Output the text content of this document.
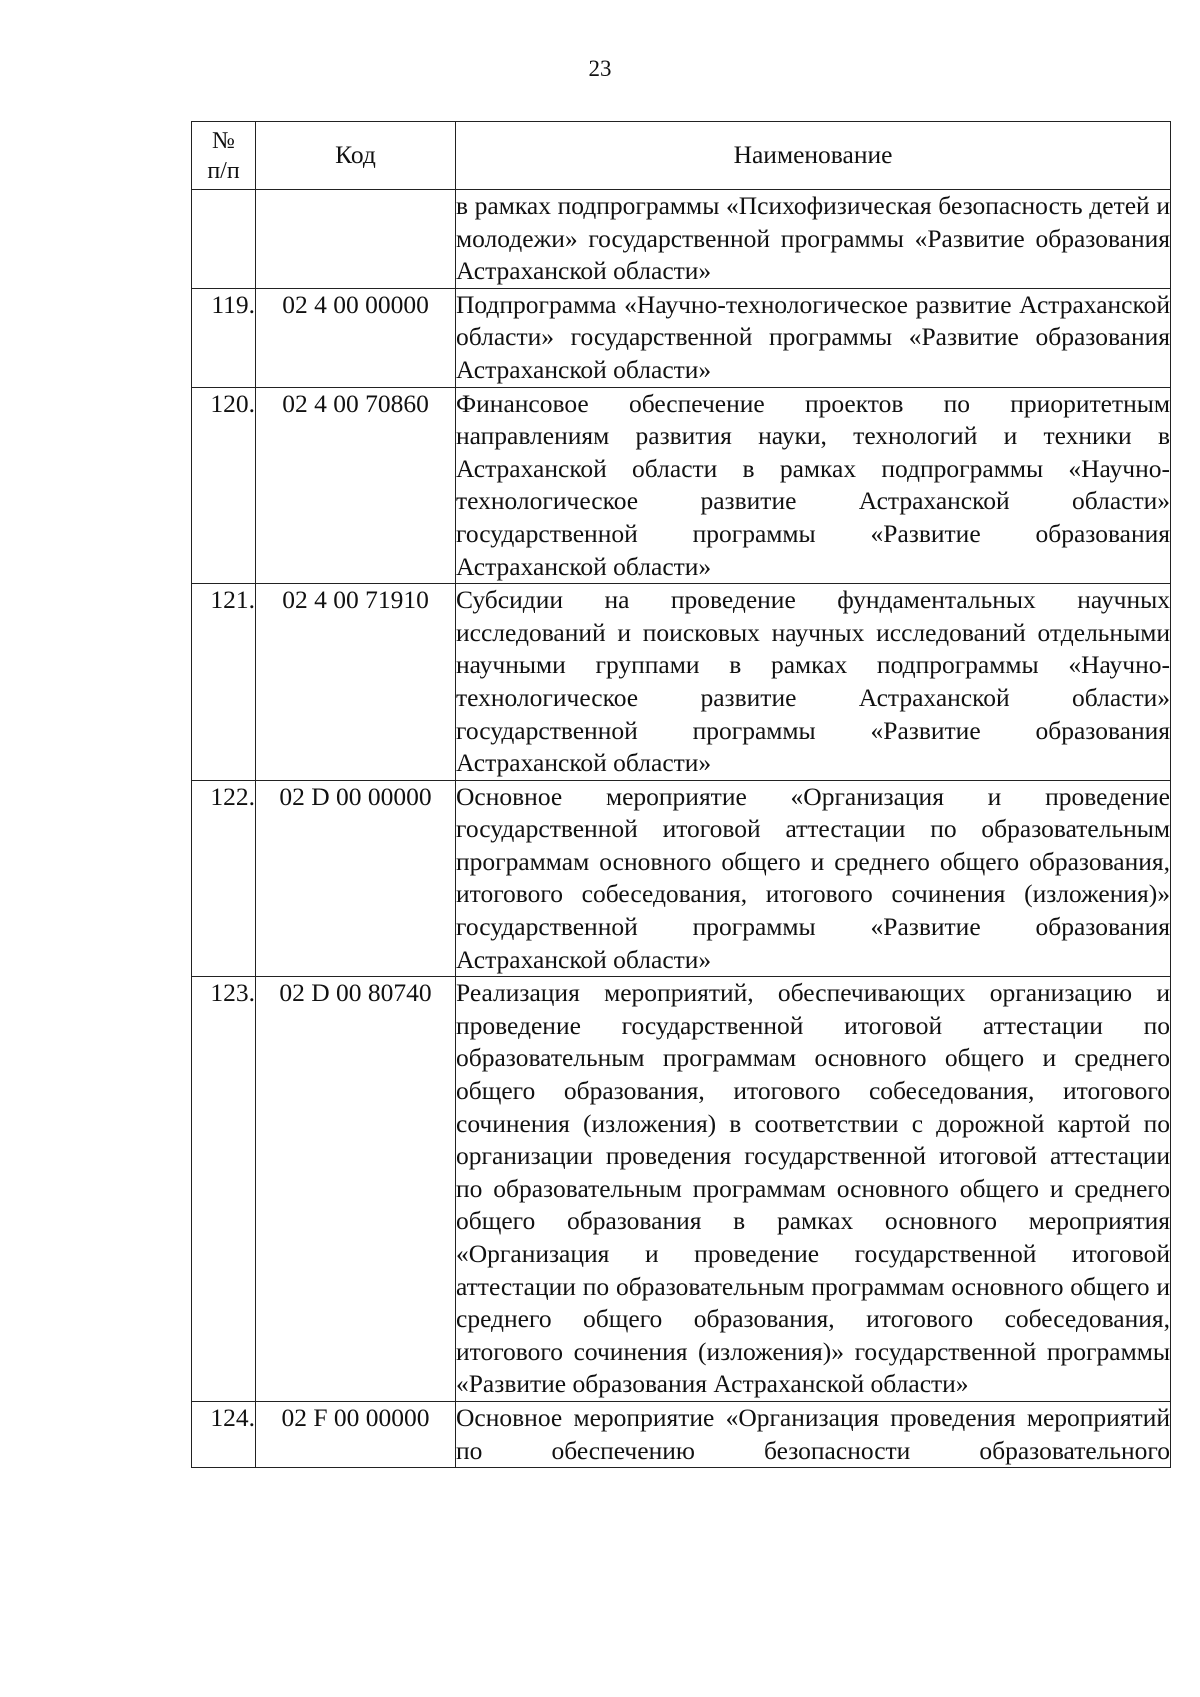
23
№
п/п	Код	Наименование
		в рамках подпрограммы «Психофизическая безопасность детей и молодежи» государственной программы «Развитие образования Астраханской области»
119.	02 4 00 00000	Подпрограмма «Научно-технологическое развитие Астраханской области» государственной программы «Развитие образования Астраханской области»
120.	02 4 00 70860	Финансовое обеспечение проектов по приоритетным направлениям развития науки, технологий и техники в Астраханской области в рамках подпрограммы «Научно-технологическое развитие Астраханской области» государственной программы «Развитие образования Астраханской области»
121.	02 4 00 71910	Субсидии на проведение фундаментальных научных исследований и поисковых научных исследований отдельными научными группами в рамках подпрограммы «Научно-технологическое развитие Астраханской области» государственной программы «Развитие образования Астраханской области»
122.	02 D 00 00000	Основное мероприятие «Организация и проведение государственной итоговой аттестации по образовательным программам основного общего и среднего общего образования, итогового собеседования, итогового сочинения (изложения)» государственной программы «Развитие образования Астраханской области»
123.	02 D 00 80740	Реализация мероприятий, обеспечивающих организацию и проведение государственной итоговой аттестации по образовательным программам основного общего и среднего общего образования, итогового собеседования, итогового сочинения (изложения) в соответствии с дорожной картой по организации проведения государственной итоговой аттестации по образовательным программам основного общего и среднего общего образования в рамках основного мероприятия «Организация и проведение государственной итоговой аттестации по образовательным программам основного общего и среднего общего образования, итогового собеседования, итогового сочинения (изложения)» государственной программы «Развитие образования Астраханской области»
124.	02 F 00 00000	Основное мероприятие «Организация проведения мероприятий по обеспечению безопасности образовательного
